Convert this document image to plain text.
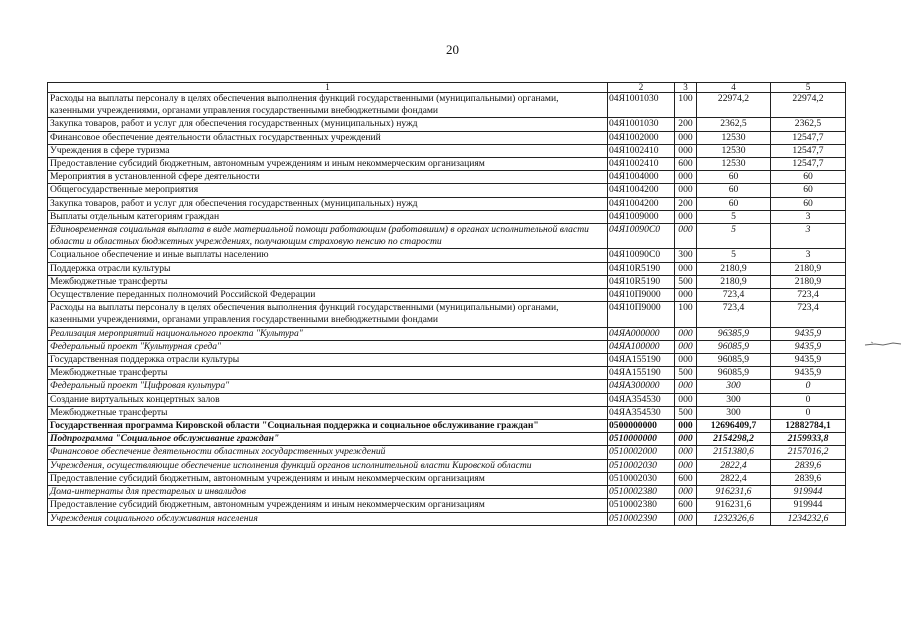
20
1	2	3	4	5
Расходы на выплаты персоналу в целях обеспечения выполнения функций государственными (муниципальными) органами, казенными учреждениями, органами управления государственными внебюджетными фондами	04Я1001030	100	22974,2	22974,2
Закупка товаров, работ и услуг для обеспечения государственных (муниципальных) нужд	04Я1001030	200	2362,5	2362,5
Финансовое обеспечение деятельности областных государственных учреждений	04Я1002000	000	12530	12547,7
Учреждения в сфере туризма	04Я1002410	000	12530	12547,7
Предоставление субсидий бюджетным, автономным учреждениям и иным некоммерческим организациям	04Я1002410	600	12530	12547,7
Мероприятия в установленной сфере деятельности	04Я1004000	000	60	60
Общегосударственные мероприятия	04Я1004200	000	60	60
Закупка товаров, работ и услуг для обеспечения государственных (муниципальных) нужд	04Я1004200	200	60	60
Выплаты отдельным категориям граждан	04Я1009000	000	5	3
Единовременная социальная выплата в виде материальной помощи работающим (работавшим) в органах исполнительной власти области и областных бюджетных учреждениях, получающим страховую пенсию по старости	04Я10090С0	000	5	3
Социальное обеспечение и иные выплаты населению	04Я10090С0	300	5	3
Поддержка отрасли культуры	04Я10R5190	000	2180,9	2180,9
Межбюджетные трансферты	04Я10R5190	500	2180,9	2180,9
Осуществление переданных полномочий Российской Федерации	04Я10П9000	000	723,4	723,4
Расходы на выплаты персоналу в целях обеспечения выполнения функций государственными (муниципальными) органами, казенными учреждениями, органами управления государственными внебюджетными фондами	04Я10П9000	100	723,4	723,4
Реализация мероприятий национального проекта "Культура"	04ЯА000000	000	96385,9	9435,9
Федеральный проект "Культурная среда"	04ЯА100000	000	96085,9	9435,9
Государственная поддержка отрасли культуры	04ЯА155190	000	96085,9	9435,9
Межбюджетные трансферты	04ЯА155190	500	96085,9	9435,9
Федеральный проект "Цифровая культура"	04ЯА300000	000	300	0
Создание виртуальных концертных залов	04ЯА354530	000	300	0
Межбюджетные трансферты	04ЯА354530	500	300	0
Государственная программа Кировской области "Социальная поддержка и социальное обслуживание граждан"	0500000000	000	12696409,7	12882784,1
Подпрограмма "Социальное обслуживание граждан"	0510000000	000	2154298,2	2159933,8
Финансовое обеспечение деятельности областных государственных учреждений	0510002000	000	2151380,6	2157016,2
Учреждения, осуществляющие обеспечение исполнения функций органов исполнительной власти Кировской области	0510002030	000	2822,4	2839,6
Предоставление субсидий бюджетным, автономным учреждениям и иным некоммерческим организациям	0510002030	600	2822,4	2839,6
Дома-интернаты для престарелых и инвалидов	0510002380	000	916231,6	919944
Предоставление субсидий бюджетным, автономным учреждениям и иным некоммерческим организациям	0510002380	600	916231,6	919944
Учреждения социального обслуживания населения	0510002390	000	1232326,6	1234232,6
